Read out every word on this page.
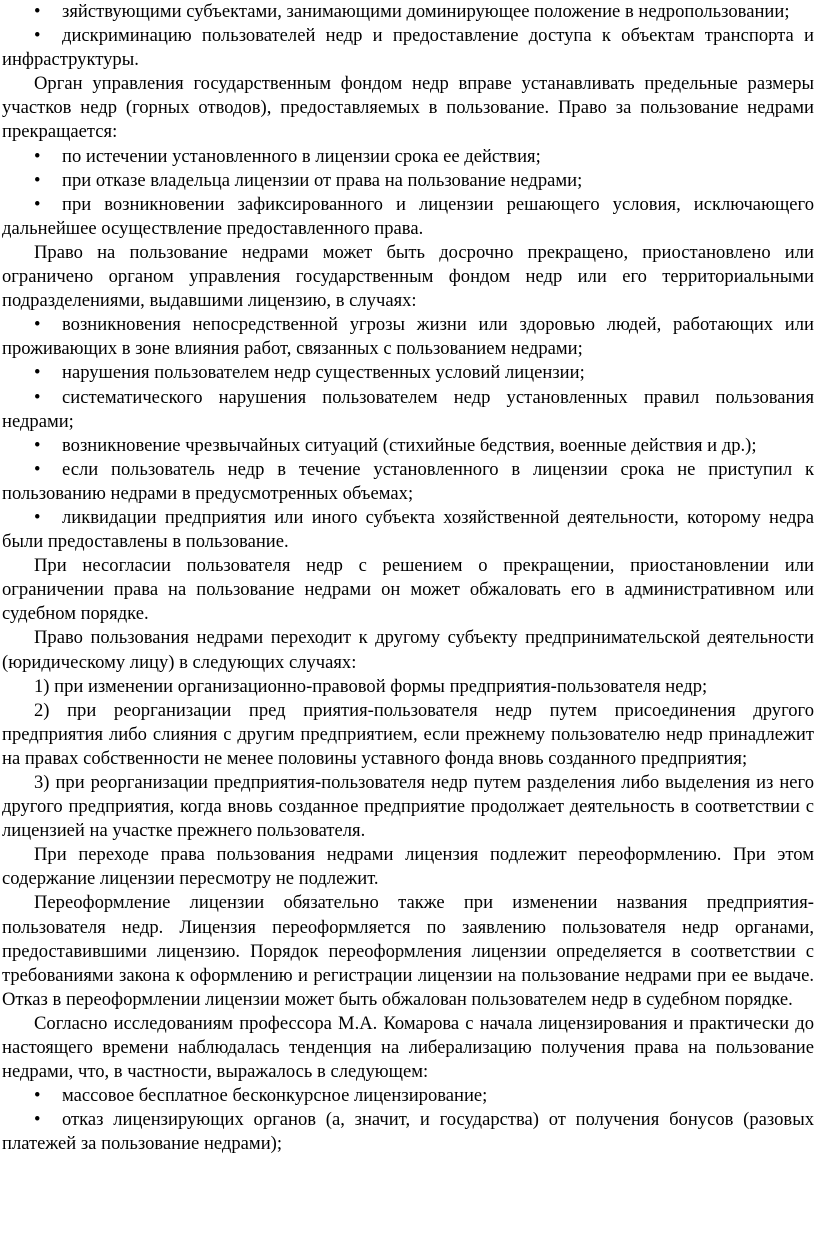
• зяйствующими субъектами, занимающими доминирующее положение в недропользовании;
• дискриминацию пользователей недр и предоставление доступа к объектам транспорта и инфраструктуры.

Орган управления государственным фондом недр вправе устанавливать предельные размеры участков недр (горных отводов), предоставляемых в пользование. Право за пользование недрами прекращается:

• по истечении установленного в лицензии срока ее действия;
• при отказе владельца лицензии от права на пользование недрами;
• при возникновении зафиксированного и лицензии решающего условия, исключающего дальнейшее осуществление предоставленного права.

Право на пользование недрами может быть досрочно прекращено, приостановлено или ограничено органом управления государственным фондом недр или его территориальными подразделениями, выдавшими лицензию, в случаях:

• возникновения непосредственной угрозы жизни или здоровью людей, работающих или проживающих в зоне влияния работ, связанных с пользованием недрами;
• нарушения пользователем недр существенных условий лицензии;
• систематического нарушения пользователем недр установленных правил пользования недрами;
• возникновение чрезвычайных ситуаций (стихийные бедствия, военные действия и др.);
• если пользователь недр в течение установленного в лицензии срока не приступил к пользованию недрами в предусмотренных объемах;
• ликвидации предприятия или иного субъекта хозяйственной деятельности, которому недра были предоставлены в пользование.

При несогласии пользователя недр с решением о прекращении, приостановлении или ограничении права на пользование недрами он может обжаловать его в административном или судебном порядке.

Право пользования недрами переходит к другому субъекту предпринимательской деятельности (юридическому лицу) в следующих случаях:

1) при изменении организационно-правовой формы предприятия-пользователя недр;

2) при реорганизации пред приятия-пользователя недр путем присоединения другого предприятия либо слияния с другим предприятием, если прежнему пользователю недр принадлежит на правах собственности не менее половины уставного фонда вновь созданного предприятия;

3) при реорганизации предприятия-пользователя недр путем разделения либо выделения из него другого предприятия, когда вновь созданное предприятие продолжает деятельность в соответствии с лицензией на участке прежнего пользователя.

При переходе права пользования недрами лицензия подлежит переоформлению. При этом содержание лицензии пересмотру не подлежит.

Переоформление лицензии обязательно также при изменении названия предприятия-пользователя недр. Лицензия переоформляется по заявлению пользователя недр органами, предоставившими лицензию. Порядок переоформления лицензии определяется в соответствии с требованиями закона к оформлению и регистрации лицензии на пользование недрами при ее выдаче. Отказ в переоформлении лицензии может быть обжалован пользователем недр в судебном порядке.

Согласно исследованиям профессора М.А. Комарова с начала лицензирования и практически до настоящего времени наблюдалась тенденция на либерализацию получения права на пользование недрами, что, в частности, выражалось в следующем:

• массовое бесплатное бесконкурсное лицензирование;
• отказ лицензирующих органов (а, значит, и государства) от получения бонусов (разовых платежей за пользование недрами);
